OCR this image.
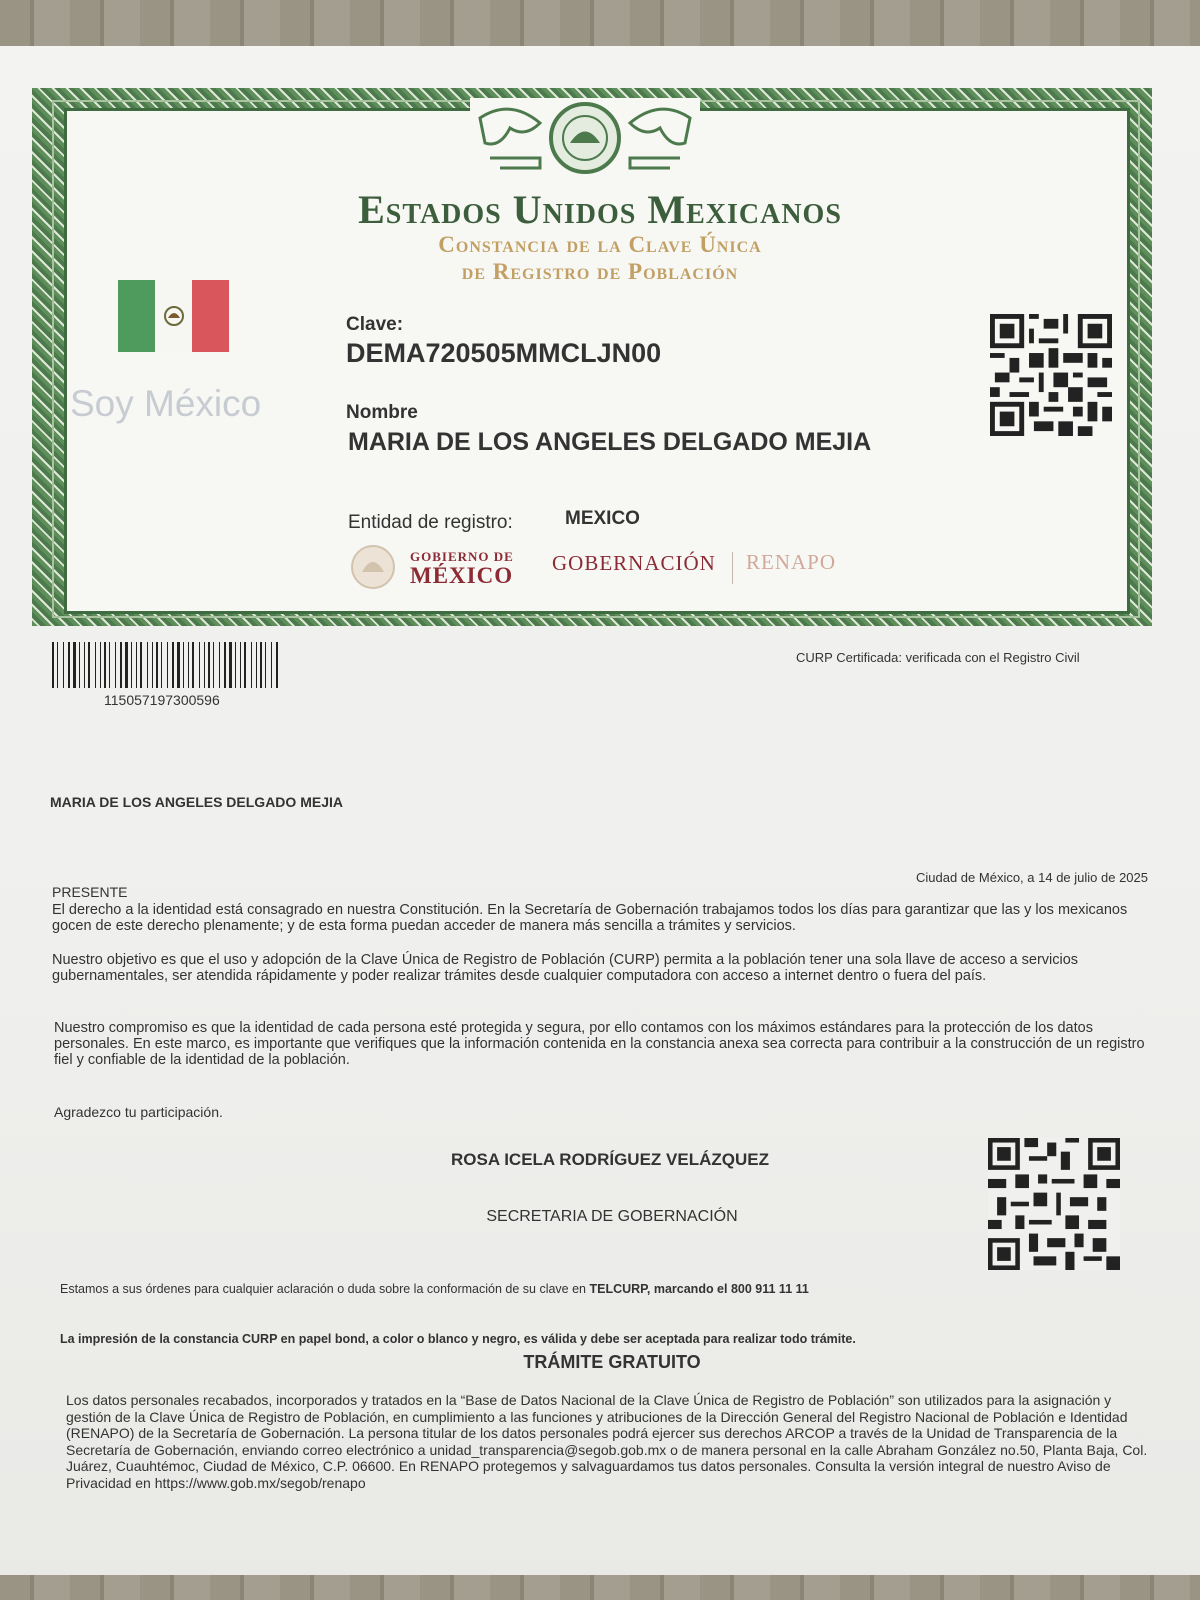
Estados Unidos Mexicanos
Constancia de la Clave Única
de Registro de Población
Soy México
Clave:
DEMA720505MMCLJN00
Nombre
MARIA DE LOS ANGELES DELGADO MEJIA
Entidad de registro:	MEXICO
GOBIERNO DE
MÉXICO GOBERNACIÓN RENAPO
115057197300596
CURP Certificada: verificada con el Registro Civil
MARIA DE LOS ANGELES DELGADO MEJIA
Ciudad de México, a 14 de julio de 2025
PRESENTE
El derecho a la identidad está consagrado en nuestra Constitución. En la Secretaría de Gobernación trabajamos todos los días para garantizar que las y los mexicanos gocen de este derecho plenamente; y de esta forma puedan acceder de manera más sencilla a trámites y servicios.
Nuestro objetivo es que el uso y adopción de la Clave Única de Registro de Población (CURP) permita a la población tener una sola llave de acceso a servicios gubernamentales, ser atendida rápidamente y poder realizar trámites desde cualquier computadora con acceso a internet dentro o fuera del país.
Nuestro compromiso es que la identidad de cada persona esté protegida y segura, por ello contamos con los máximos estándares para la protección de los datos personales. En este marco, es importante que verifiques que la información contenida en la constancia anexa sea correcta para contribuir a la construcción de un registro fiel y confiable de la identidad de la población.
Agradezco tu participación.
ROSA ICELA RODRÍGUEZ VELÁZQUEZ
SECRETARIA DE GOBERNACIÓN
Estamos a sus órdenes para cualquier aclaración o duda sobre la conformación de su clave en TELCURP, marcando el 800 911 11 11
La impresión de la constancia CURP en papel bond, a color o blanco y negro, es válida y debe ser aceptada para realizar todo trámite.
TRÁMITE GRATUITO
Los datos personales recabados, incorporados y tratados en la “Base de Datos Nacional de la Clave Única de Registro de Población” son utilizados para la asignación y gestión de la Clave Única de Registro de Población, en cumplimiento a las funciones y atribuciones de la Dirección General del Registro Nacional de Población e Identidad (RENAPO) de la Secretaría de Gobernación. La persona titular de los datos personales podrá ejercer sus derechos ARCOP a través de la Unidad de Transparencia de la Secretaría de Gobernación, enviando correo electrónico a unidad_transparencia@segob.gob.mx o de manera personal en la calle Abraham González no.50, Planta Baja, Col. Juárez, Cuauhtémoc, Ciudad de México, C.P. 06600. En RENAPO protegemos y salvaguardamos tus datos personales. Consulta la versión integral de nuestro Aviso de Privacidad en https://www.gob.mx/segob/renapo
